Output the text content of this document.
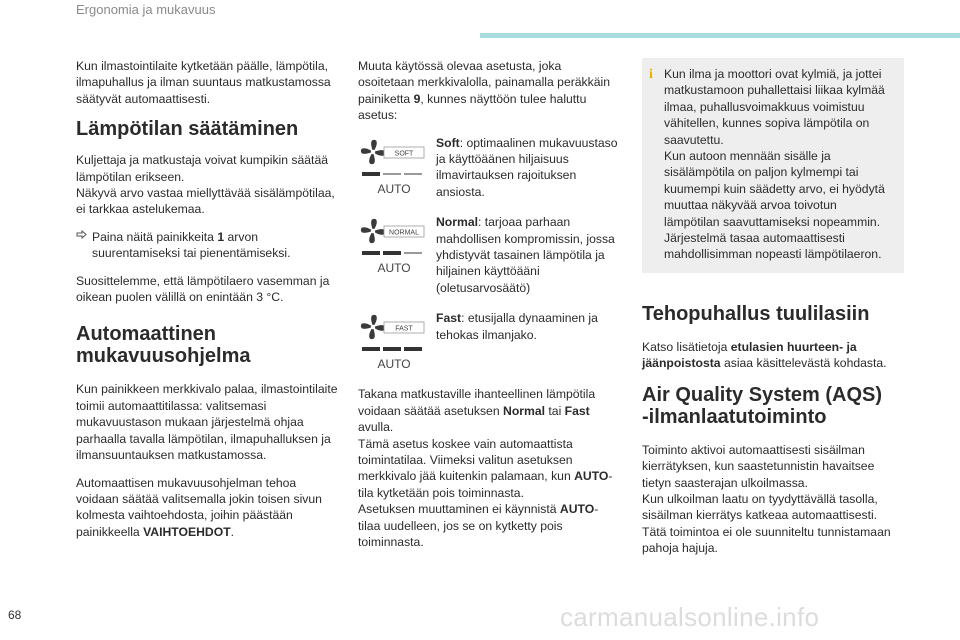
Ergonomia ja mukavuus

Kun ilmastointilaite kytketään päälle, lämpötila, ilmapuhallus ja ilman suuntaus matkustamossa säätyvät automaattisesti.

Lämpötilan säätäminen

Kuljettaja ja matkustaja voivat kumpikin säätää lämpötilan erikseen.
Näkyvä arvo vastaa miellyttävää sisälämpötilaa, ei tarkkaa astelukemaa.

Paina näitä painikkeita 1 arvon suurentamiseksi tai pienentämiseksi.

Suosittelemme, että lämpötilaero vasemman ja oikean puolen välillä on enintään 3 °C.

Automaattinen
mukavuusohjelma

Kun painikkeen merkkivalo palaa, ilmastointilaite toimii automaattitilassa: valitsemasi mukavuustason mukaan järjestelmä ohjaa parhaalla tavalla lämpötilan, ilmapuhalluksen ja ilmansuuntauksen matkustamossa.

Automaattisen mukavuusohjelman tehoa voidaan säätää valitsemalla jokin toisen sivun kolmesta vaihtoehdosta, joihin päästään painikkeella VAIHTOEHDOT.

Muuta käytössä olevaa asetusta, joka osoitetaan merkkivalolla, painamalla peräkkäin painiketta 9, kunnes näyttöön tulee haluttu asetus:

SOFT
AUTO
Soft: optimaalinen mukavuustaso ja käyttöäänen hiljaisuus ilmavirtauksen rajoituksen ansiosta.
NORMAL
AUTO
Normal: tarjoaa parhaan mahdollisen kompromissin, jossa yhdistyvät tasainen lämpötila ja hiljainen käyttöääni (oletusarvosäätö)
FAST
AUTO
Fast: etusijalla dynaaminen ja tehokas ilmanjako.

Takana matkustaville ihanteellinen lämpötila voidaan säätää asetuksen Normal tai Fast avulla.
Tämä asetus koskee vain automaattista toimintatilaa. Viimeksi valitun asetuksen merkkivalo jää kuitenkin palamaan, kun AUTO-tila kytketään pois toiminnasta.
Asetuksen muuttaminen ei käynnistä AUTO-tilaa uudelleen, jos se on kytketty pois toiminnasta.

i Kun ilma ja moottori ovat kylmiä, ja jottei matkustamoon puhallettaisi liikaa kylmää ilmaa, puhallusvoimakkuus voimistuu vähitellen, kunnes sopiva lämpötila on saavutettu.
Kun autoon mennään sisälle ja sisälämpötila on paljon kylmempi tai kuumempi kuin säädetty arvo, ei hyödytä muuttaa näkyvää arvoa toivotun lämpötilan saavuttamiseksi nopeammin. Järjestelmä tasaa automaattisesti mahdollisimman nopeasti lämpötilaeron.
Tehopuhallus tuulilasiin

Katso lisätietoja etulasien huurteen- ja jäänpoistosta asiaa käsittelevästä kohdasta.

Air Quality System (AQS)
-ilmanlaatutoiminto

Toiminto aktivoi automaattisesti sisäilman kierrätyksen, kun saastetunnistin havaitsee tietyn saasterajan ulkoilmassa.
Kun ulkoilman laatu on tyydyttävällä tasolla, sisäilman kierrätys katkeaa automaattisesti.
Tätä toimintoa ei ole suunniteltu tunnistamaan pahoja hajuja.

68	carmanualsonline.info
